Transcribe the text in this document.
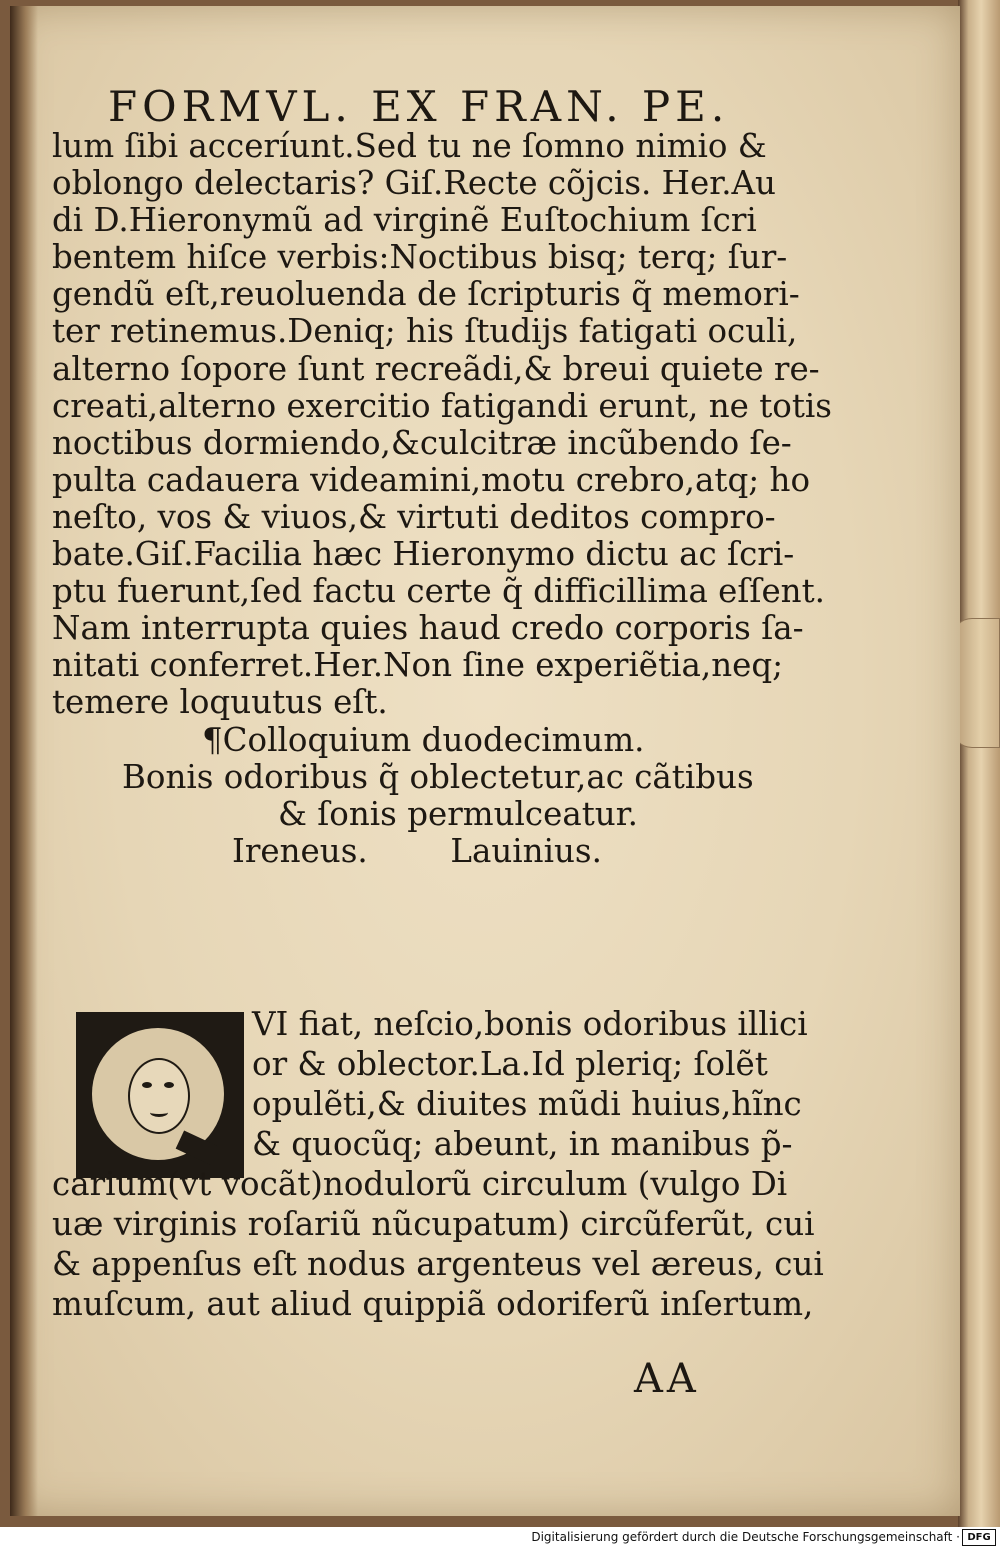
FORMVL. EX FRAN. PE.
lum ſibi acceríunt.Sed tu ne ſomno nimio &
oblongo delectaris? Giſ.Recte cõjcis. Her.Au
di D.Hieronymũ ad virginẽ Euſtochium ſcri
bentem hiſce verbis:Noctibus bisq; terq; ſur-
gendũ eſt,reuoluenda de ſcripturis q̃ memori-
ter retinemus.Deniq; his ſtudijs fatigati oculi,
alterno ſopore ſunt recreãdi,& breui quiete re-
creati,alterno exercitio fatigandi erunt, ne totis
noctibus dormiendo,&culcitræ incũbendo ſe-
pulta cadauera videamini,motu crebro,atq; ho
neſto, vos & viuos,& virtuti deditos compro-
bate.Giſ.Facilia hæc Hieronymo dictu ac ſcri-
ptu fuerunt,ſed factu certe q̃ difficillima eſſent.
Nam interrupta quies haud credo corporis ſa-
nitati conferret.Her.Non ſine experiẽtia,neq;
temere loquutus eſt.
¶Colloquium duodecimum.
Bonis odoribus q̃ oblectetur,ac cãtibus
& ſonis permulceatur.
Ireneus.        Lauinius.
VI fiat, neſcio,bonis odoribus illici
or & oblector.La.Id pleriq; ſolẽt
opulẽti,& diuites mũdi huius,hĩnc
& quocũq; abeunt, in manibus p̃-
carium(vt vocãt)nodulorũ circulum (vulgo Di
uæ virginis roſariũ nũcupatum) circũferũt, cui
& appenſus eſt nodus argenteus vel æreus, cui
muſcum, aut aliud quippiã odoriferũ inſertum,
AA
Digitalisierung gefördert durch die Deutsche Forschungsgemeinschaft · DFG
